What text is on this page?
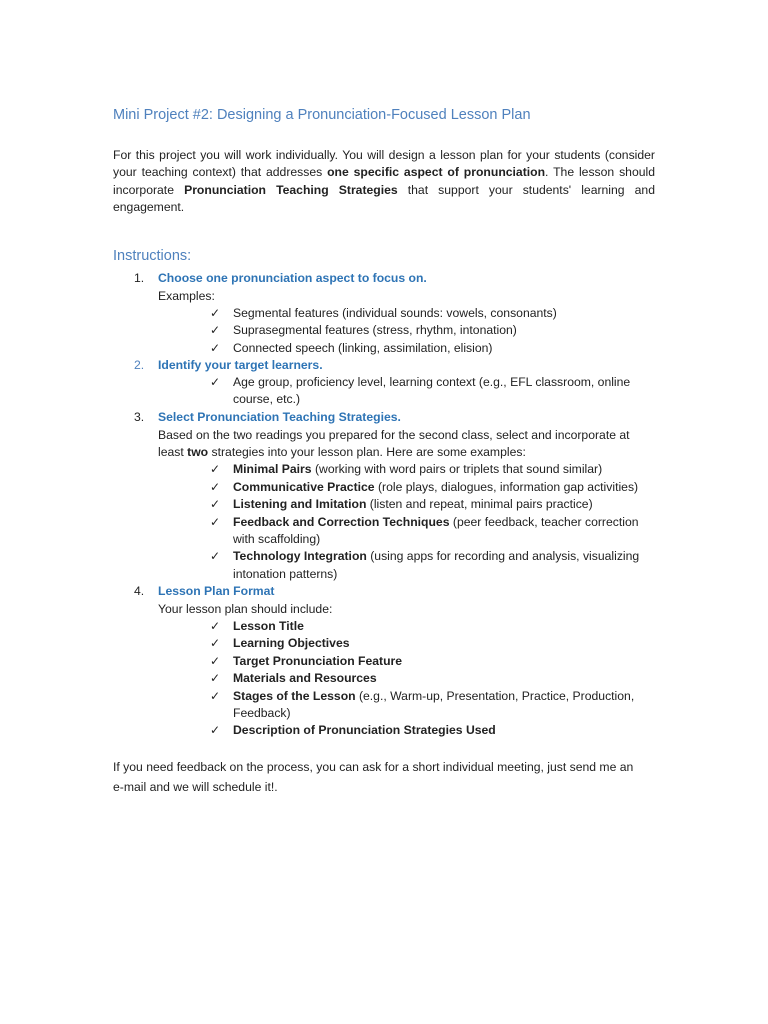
Mini Project #2: Designing a Pronunciation-Focused Lesson Plan

For this project you will work individually. You will design a lesson plan for your students (consider your teaching context) that addresses one specific aspect of pronunciation. The lesson should incorporate Pronunciation Teaching Strategies that support your students' learning and engagement.

Instructions:
1. Choose one pronunciation aspect to focus on.
Examples:
✓ Segmental features (individual sounds: vowels, consonants)
✓ Suprasegmental features (stress, rhythm, intonation)
✓ Connected speech (linking, assimilation, elision)
2. Identify your target learners.
✓ Age group, proficiency level, learning context (e.g., EFL classroom, online
course, etc.)
3. Select Pronunciation Teaching Strategies.
Based on the two readings you prepared for the second class, select and incorporate at
least two strategies into your lesson plan. Here are some examples:
✓ Minimal Pairs (working with word pairs or triplets that sound similar)
✓ Communicative Practice (role plays, dialogues, information gap activities)
✓ Listening and Imitation (listen and repeat, minimal pairs practice)
✓ Feedback and Correction Techniques (peer feedback, teacher correction
with scaffolding)
✓ Technology Integration (using apps for recording and analysis, visualizing
intonation patterns)
4. Lesson Plan Format
Your lesson plan should include:
✓ Lesson Title
✓ Learning Objectives
✓ Target Pronunciation Feature
✓ Materials and Resources
✓ Stages of the Lesson (e.g., Warm-up, Presentation, Practice, Production,
Feedback)
✓ Description of Pronunciation Strategies Used

If you need feedback on the process, you can ask for a short individual meeting, just send me an
e-mail and we will schedule it!.
